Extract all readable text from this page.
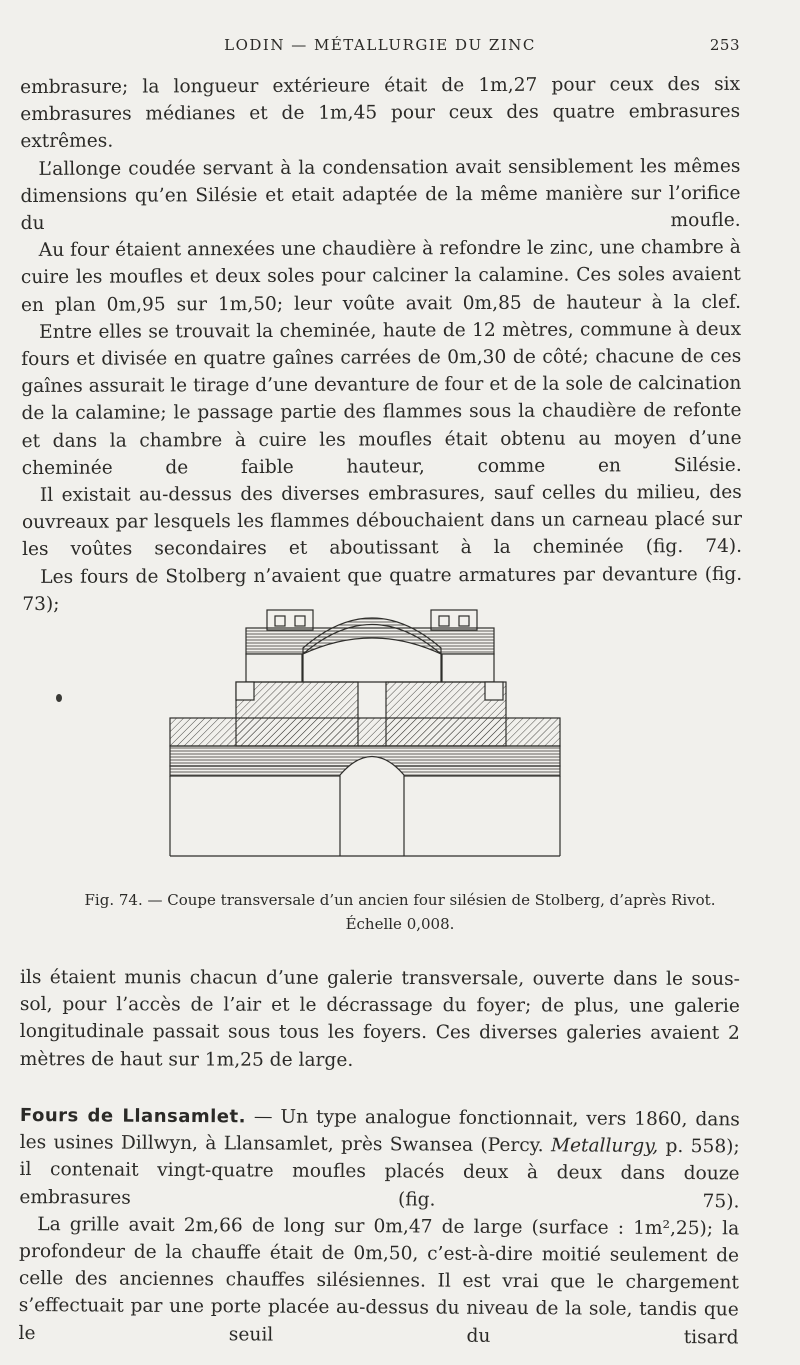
LODIN — MÉTALLURGIE DU ZINC	253

embrasure; la longueur extérieure était de 1m,27 pour ceux des six embrasures médianes et de 1m,45 pour ceux des quatre embrasures extrêmes.

L’allonge coudée servant à la condensation avait sensiblement les mêmes dimensions qu’en Silésie et etait adaptée de la même manière sur l’orifice du moufle.

Au four étaient annexées une chaudière à refondre le zinc, une chambre à cuire les moufles et deux soles pour calciner la calamine. Ces soles avaient en plan 0m,95 sur 1m,50; leur voûte avait 0m,85 de hauteur à la clef.

Entre elles se trouvait la cheminée, haute de 12 mètres, commune à deux fours et divisée en quatre gaînes carrées de 0m,30 de côté; chacune de ces gaînes assurait le tirage d’une devanture de four et de la sole de calcination de la calamine; le passage partie des flammes sous la chaudière de refonte et dans la chambre à cuire les moufles était obtenu au moyen d’une cheminée de faible hauteur, comme en Silésie.

Il existait au-dessus des diverses embrasures, sauf celles du milieu, des ouvreaux par lesquels les flammes débouchaient dans un carneau placé sur les voûtes secondaires et aboutissant à la cheminée (fig. 74).

Les fours de Stolberg n’avaient que quatre armatures par devanture (fig. 73);

Fig. 74. — Coupe transversale d’un ancien four silésien de Stolberg, d’après Rivot.
Échelle 0,008.

ils étaient munis chacun d’une galerie transversale, ouverte dans le sous-sol, pour l’accès de l’air et le décrassage du foyer; de plus, une galerie longitudinale passait sous tous les foyers. Ces diverses galeries avaient 2 mètres de haut sur 1m,25 de large.

Fours de Llansamlet. — Un type analogue fonctionnait, vers 1860, dans les usines Dillwyn, à Llansamlet, près Swansea (Percy. Metallurgy, p. 558); il contenait vingt-quatre moufles placés deux à deux dans douze embrasures (fig. 75).

La grille avait 2m,66 de long sur 0m,47 de large (surface : 1m²,25); la profondeur de la chauffe était de 0m,50, c’est-à-dire moitié seulement de celle des anciennes chauffes silésiennes. Il est vrai que le chargement s’effectuait par une porte placée au-dessus du niveau de la sole, tandis que le seuil du tisard
